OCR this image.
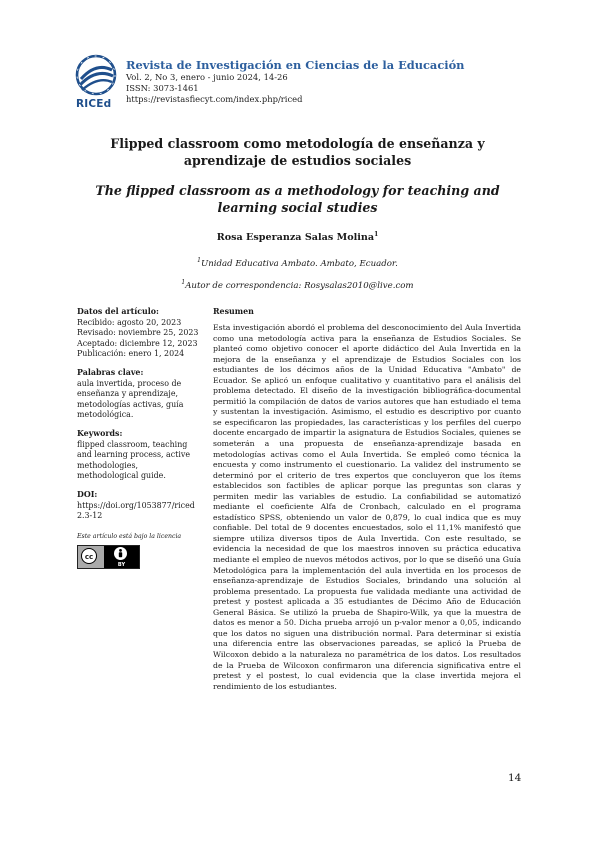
RICEd
Revista de Investigación en Ciencias de la Educación
Vol. 2, No 3, enero - junio 2024, 14-26
ISSN: 3073-1461
https://revistasfiecyt.com/index.php/riced
Flipped classroom como metodología de enseñanza y aprendizaje de estudios sociales
The flipped classroom as a methodology for teaching and learning social studies
Rosa Esperanza Salas Molina$^1$
$^1$Unidad Educativa Ambato. Ambato, Ecuador.
$^1$Autor de correspondencia: Rosysalas2010@live.com
Datos del artículo:
Recibido: agosto 20, 2023
Revisado: noviembre 25, 2023
Aceptado: diciembre 12, 2023
Publicación: enero 1, 2024
Palabras clave:
aula invertida, proceso de enseñanza y aprendizaje, metodologías activas, guía metodológica.
Keywords:
flipped classroom, teaching and learning process, active methodologies, methodological guide.
DOI:
https://doi.org/1053877/riced 2.3-12
Este artículo está bajo la licencia
cc
BY
Resumen
Esta investigación abordó el problema del desconocimiento del Aula Invertida como una metodología activa para la enseñanza de Estudios Sociales. Se planteó como objetivo conocer el aporte didáctico del Aula Invertida en la mejora de la enseñanza y el aprendizaje de Estudios Sociales con los estudiantes de los décimos años de la Unidad Educativa "Ambato" de Ecuador. Se aplicó un enfoque cualitativo y cuantitativo para el análisis del problema detectado. El diseño de la investigación bibliográfica-documental permitió la compilación de datos de varios autores que han estudiado el tema y sustentan la investigación. Asimismo, el estudio es descriptivo por cuanto se especificaron las propiedades, las características y los perfiles del cuerpo docente encargado de impartir la asignatura de Estudios Sociales, quienes se someterán a una propuesta de enseñanza-aprendizaje basada en metodologías activas como el Aula Invertida. Se empleó como técnica la encuesta y como instrumento el cuestionario. La validez del instrumento se determinó por el criterio de tres expertos que concluyeron que los ítems establecidos son factibles de aplicar porque las preguntas son claras y permiten medir las variables de estudio. La confiabilidad se automatizó mediante el coeficiente Alfa de Cronbach, calculado en el programa estadístico SPSS, obteniendo un valor de 0,879, lo cual indica que es muy confiable. Del total de 9 docentes encuestados, solo el 11,1% manifestó que siempre utiliza diversos tipos de Aula Invertida. Con este resultado, se evidencia la necesidad de que los maestros innoven su práctica educativa mediante el empleo de nuevos métodos activos, por lo que se diseñó una Guía Metodológica para la implementación del aula invertida en los procesos de enseñanza-aprendizaje de Estudios Sociales, brindando una solución al problema presentado. La propuesta fue validada mediante una actividad de pretest y postest aplicada a 35 estudiantes de Décimo Año de Educación General Básica. Se utilizó la prueba de Shapiro-Wilk, ya que la muestra de datos es menor a 50. Dicha prueba arrojó un p-valor menor a 0,05, indicando que los datos no siguen una distribución normal. Para determinar si existía una diferencia entre las observaciones pareadas, se aplicó la Prueba de Wilcoxon debido a la naturaleza no paramétrica de los datos. Los resultados de la Prueba de Wilcoxon confirmaron una diferencia significativa entre el pretest y el postest, lo cual evidencia que la clase invertida mejora el rendimiento de los estudiantes.
14
